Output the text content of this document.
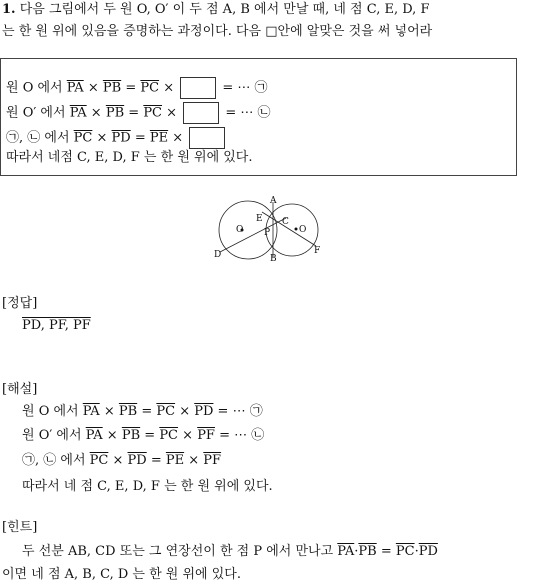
1. 다음 그림에서 두 원 O, O′ 이 두 점 A, B 에서 만날 때, 네 점 C, E, D, F
는 한 원 위에 있음을 증명하는 과정이다. 다음 □안에 알맞은 것을 써 넣어라
원 O 에서 $\overline{PA} \times \overline{PB} = \overline{PC}$ ×	= ⋯ ㉠
원 O′ 에서 $\overline{PA} \times \overline{PB} = \overline{PC}$ ×	= ⋯ ㉡
㉠, ㉡ 에서 $\overline{PC} \times \overline{PD} = \overline{PE}$ ×
따라서 네점 C, E, D, F 는 한 원 위에 있다.
A
B
C
D
E
F
P
O	O
[정답]
PD, PF, PF
[해설]
원 O 에서 $\overline{PA} \times \overline{PB} = \overline{PC} \times \overline{PD}$ = ⋯ ㉠
원 O′ 에서 $\overline{PA} \times \overline{PB} = \overline{PC} \times \overline{PF}$ = ⋯ ㉡
㉠, ㉡ 에서 $\overline{PC} \times \overline{PD} = \overline{PE} \times \overline{PF}$
따라서 네 점 C, E, D, F 는 한 원 위에 있다.
[힌트]
두 선분 AB, CD 또는 그 연장선이 한 점 P 에서 만나고 $\overline{PA}\cdot\overline{PB} = \overline{PC}\cdot\overline{PD}$
이면 네 점 A, B, C, D 는 한 원 위에 있다.
